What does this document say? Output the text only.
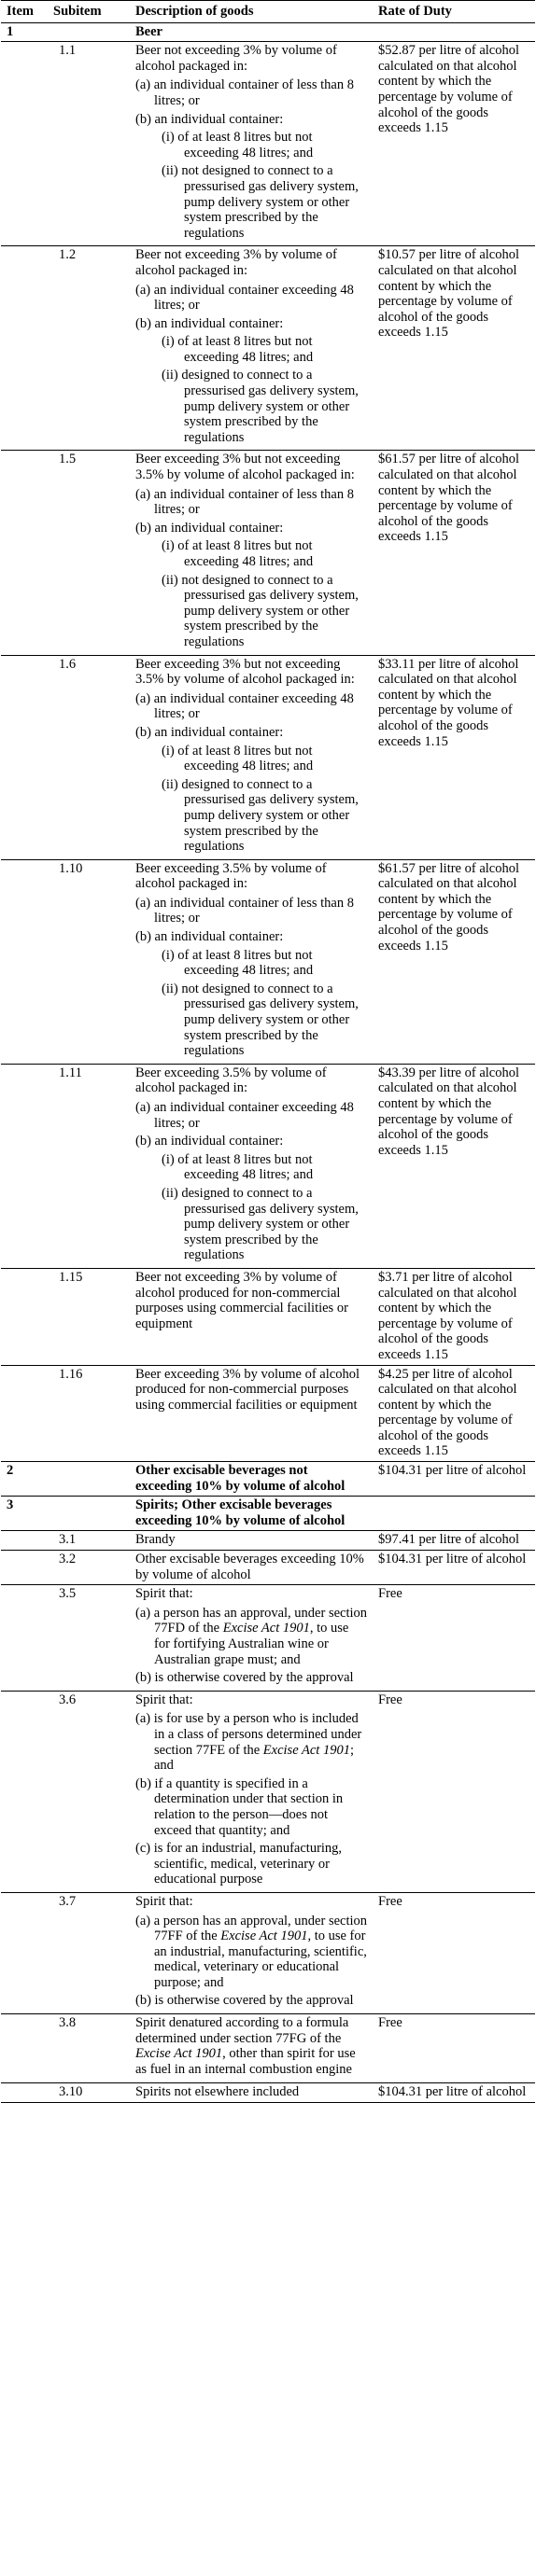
Item	Subitem	Description of goods	Rate of Duty
1		Beer	
	1.1	Beer not exceeding 3% by volume of alcohol packaged in:
(a) an individual container of less than 8 litres; or
(b) an individual container:
(i) of at least 8 litres but not exceeding 48 litres; and
(ii) not designed to connect to a pressurised gas delivery system, pump delivery system or other system prescribed by the regulations	$52.87 per litre of alcohol calculated on that alcohol content by which the percentage by volume of alcohol of the goods exceeds 1.15
	1.2	Beer not exceeding 3% by volume of alcohol packaged in:
(a) an individual container exceeding 48 litres; or
(b) an individual container:
(i) of at least 8 litres but not exceeding 48 litres; and
(ii) designed to connect to a pressurised gas delivery system, pump delivery system or other system prescribed by the regulations	$10.57 per litre of alcohol calculated on that alcohol content by which the percentage by volume of alcohol of the goods exceeds 1.15
	1.5	Beer exceeding 3% but not exceeding 3.5% by volume of alcohol packaged in:
(a) an individual container of less than 8 litres; or
(b) an individual container:
(i) of at least 8 litres but not exceeding 48 litres; and
(ii) not designed to connect to a pressurised gas delivery system, pump delivery system or other system prescribed by the regulations	$61.57 per litre of alcohol calculated on that alcohol content by which the percentage by volume of alcohol of the goods exceeds 1.15
	1.6	Beer exceeding 3% but not exceeding 3.5% by volume of alcohol packaged in:
(a) an individual container exceeding 48 litres; or
(b) an individual container:
(i) of at least 8 litres but not exceeding 48 litres; and
(ii) designed to connect to a pressurised gas delivery system, pump delivery system or other system prescribed by the regulations	$33.11 per litre of alcohol calculated on that alcohol content by which the percentage by volume of alcohol of the goods exceeds 1.15
	1.10	Beer exceeding 3.5% by volume of alcohol packaged in:
(a) an individual container of less than 8 litres; or
(b) an individual container:
(i) of at least 8 litres but not exceeding 48 litres; and
(ii) not designed to connect to a pressurised gas delivery system, pump delivery system or other system prescribed by the regulations	$61.57 per litre of alcohol calculated on that alcohol content by which the percentage by volume of alcohol of the goods exceeds 1.15
	1.11	Beer exceeding 3.5% by volume of alcohol packaged in:
(a) an individual container exceeding 48 litres; or
(b) an individual container:
(i) of at least 8 litres but not exceeding 48 litres; and
(ii) designed to connect to a pressurised gas delivery system, pump delivery system or other system prescribed by the regulations	$43.39 per litre of alcohol calculated on that alcohol content by which the percentage by volume of alcohol of the goods exceeds 1.15
	1.15	Beer not exceeding 3% by volume of alcohol produced for non-commercial purposes using commercial facilities or equipment	$3.71 per litre of alcohol calculated on that alcohol content by which the percentage by volume of alcohol of the goods exceeds 1.15
	1.16	Beer exceeding 3% by volume of alcohol produced for non-commercial purposes using commercial facilities or equipment	$4.25 per litre of alcohol calculated on that alcohol content by which the percentage by volume of alcohol of the goods exceeds 1.15
2		Other excisable beverages not exceeding 10% by volume of alcohol	$104.31 per litre of alcohol
3		Spirits; Other excisable beverages exceeding 10% by volume of alcohol	
	3.1	Brandy	$97.41 per litre of alcohol
	3.2	Other excisable beverages exceeding 10% by volume of alcohol	$104.31 per litre of alcohol
	3.5	Spirit that:
(a) a person has an approval, under section 77FD of the Excise Act 1901, to use for fortifying Australian wine or Australian grape must; and
(b) is otherwise covered by the approval	Free
	3.6	Spirit that:
(a) is for use by a person who is included in a class of persons determined under section 77FE of the Excise Act 1901; and
(b) if a quantity is specified in a determination under that section in relation to the person—does not exceed that quantity; and
(c) is for an industrial, manufacturing, scientific, medical, veterinary or educational purpose	Free
	3.7	Spirit that:
(a) a person has an approval, under section 77FF of the Excise Act 1901, to use for an industrial, manufacturing, scientific, medical, veterinary or educational purpose; and
(b) is otherwise covered by the approval	Free
	3.8	Spirit denatured according to a formula determined under section 77FG of the Excise Act 1901, other than spirit for use as fuel in an internal combustion engine	Free
	3.10	Spirits not elsewhere included	$104.31 per litre of alcohol
